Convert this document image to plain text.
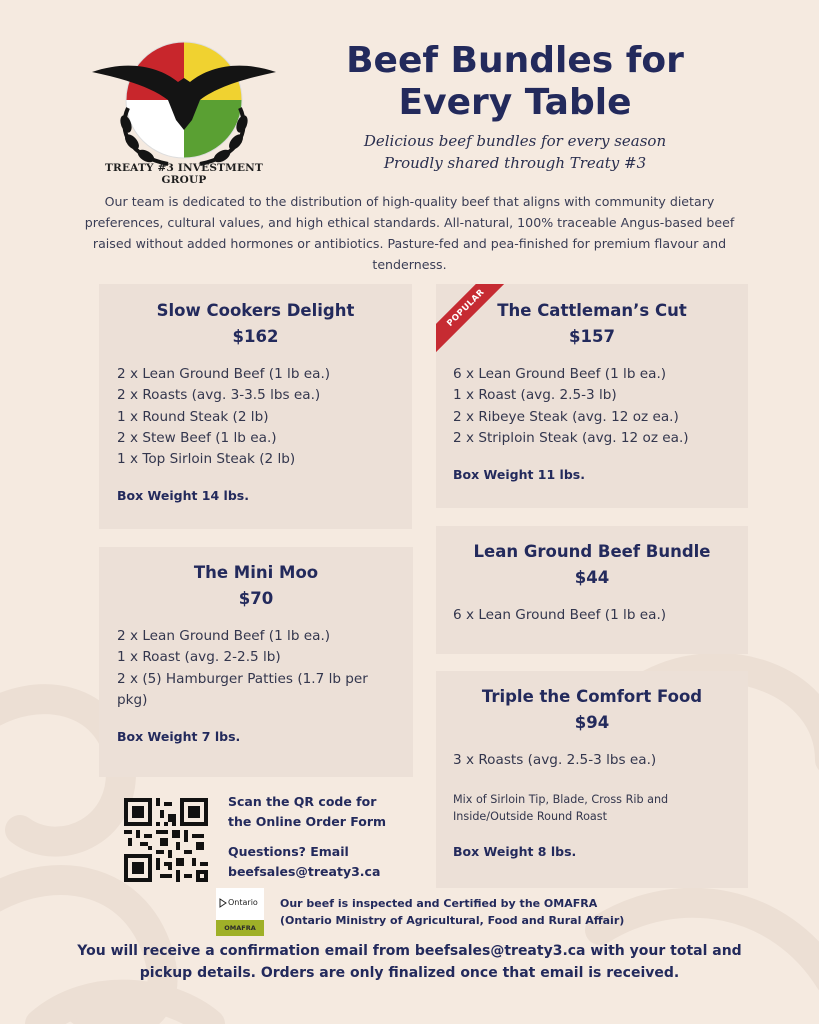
TREATY #3 INVESTMENT GROUP
Beef Bundles for
Every Table
Delicious beef bundles for every season
Proudly shared through Treaty #3
Our team is dedicated to the distribution of high-quality beef that aligns with community dietary preferences, cultural values, and high ethical standards. All-natural, 100% traceable Angus-based beef raised without added hormones or antibiotics. Pasture-fed and pea-finished for premium flavour and tenderness.
Slow Cookers Delight
$162
2 x Lean Ground Beef (1 lb ea.)
2 x Roasts (avg. 3-3.5 lbs ea.)
1 x Round Steak (2 lb)
2 x Stew Beef (1 lb ea.)
1 x Top Sirloin Steak (2 lb)
Box Weight 14 lbs.
POPULAR The Cattleman’s Cut
$157
6 x Lean Ground Beef (1 lb ea.)
1 x Roast (avg. 2.5-3 lb)
2 x Ribeye Steak (avg. 12 oz ea.)
2 x Striploin Steak (avg. 12 oz ea.)
Box Weight 11 lbs.
The Mini Moo
$70
2 x Lean Ground Beef (1 lb ea.)
1 x Roast (avg. 2-2.5 lb)
2 x (5) Hamburger Patties (1.7 lb per pkg)
Box Weight 7 lbs.
Lean Ground Beef Bundle
$44
6 x Lean Ground Beef (1 lb ea.)
Triple the Comfort Food
$94
3 x Roasts (avg. 2.5-3 lbs ea.)
Mix of Sirloin Tip, Blade, Cross Rib and Inside/Outside Round Roast
Box Weight 8 lbs.
Scan the QR code for
the Online Order Form
Questions? Email
beefsales@treaty3.ca
Ontario
OMAFRA
Our beef is inspected and Certified by the OMAFRA
(Ontario Ministry of Agricultural, Food and Rural Affair)
You will receive a confirmation email from beefsales@treaty3.ca with your total and pickup details. Orders are only finalized once that email is received.
